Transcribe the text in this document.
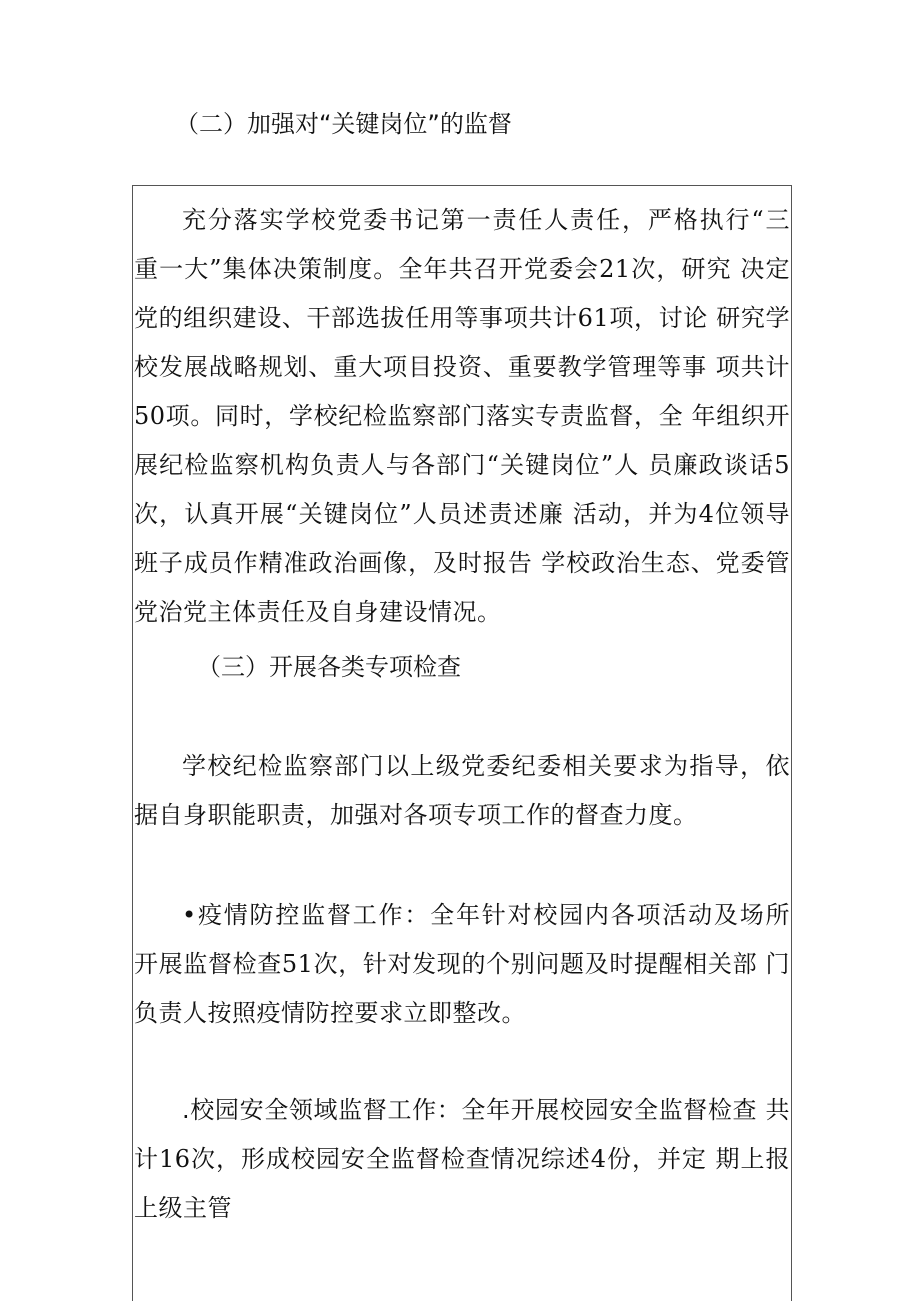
（二）加强对“关键岗位”的监督

充分落实学校党委书记第一责任人责任，严格执行“三 重一大”集体决策制度。全年共召开党委会21次，研究 决定党的组织建设、干部选拔任用等事项共计61项，讨论 研究学校发展战略规划、重大项目投资、重要教学管理等事 项共计50项。同时，学校纪检监察部门落实专责监督，全 年组织开展纪检监察机构负责人与各部门“关键岗位”人 员廉政谈话5次，认真开展“关键岗位”人员述责述廉 活动，并为4位领导班子成员作精准政治画像，及时报告 学校政治生态、党委管党治党主体责任及自身建设情况。

（三）开展各类专项检查

学校纪检监察部门以上级党委纪委相关要求为指导，依 据自身职能职责，加强对各项专项工作的督查力度。

•疫情防控监督工作：全年针对校园内各项活动及场所 开展监督检查51次，针对发现的个别问题及时提醒相关部 门负责人按照疫情防控要求立即整改。

.校园安全领域监督工作：全年开展校园安全监督检查 共计16次，形成校园安全监督检查情况综述4份，并定 期上报上级主管
